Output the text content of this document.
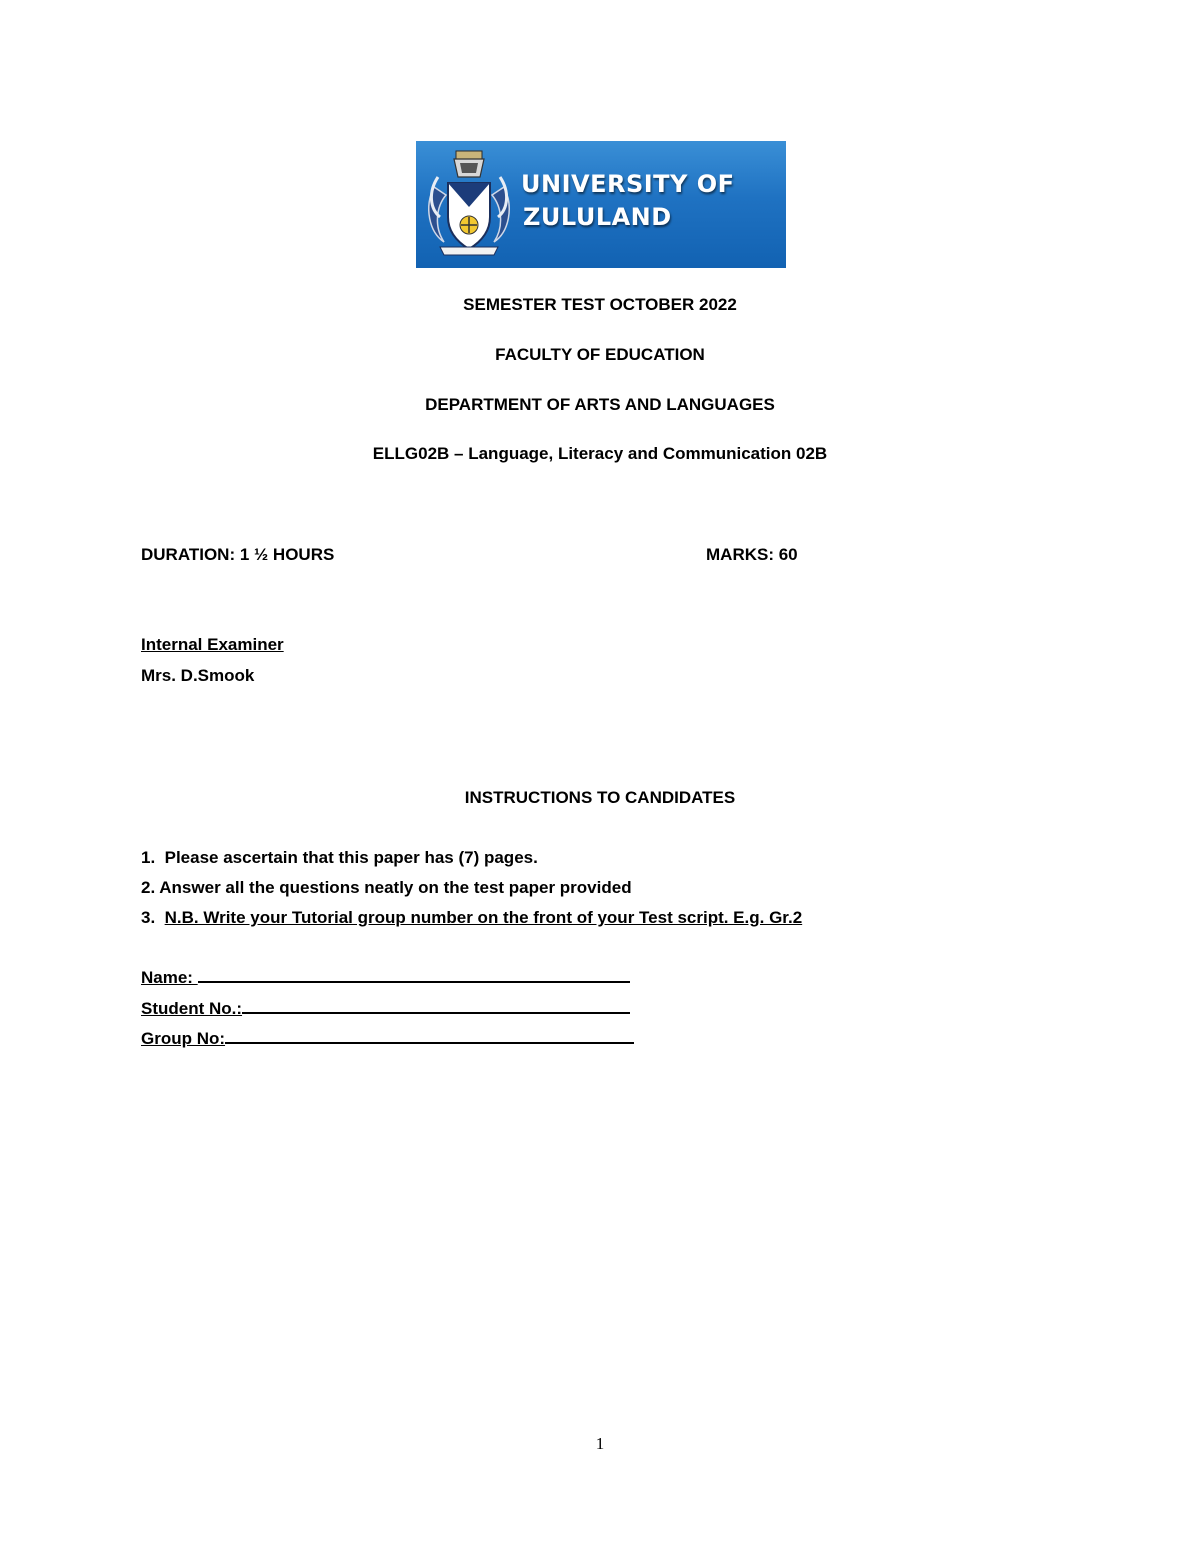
UNIVERSITY OF
ZULULAND
SEMESTER TEST OCTOBER 2022
FACULTY OF EDUCATION
DEPARTMENT OF ARTS AND LANGUAGES
ELLG02B – Language, Literacy and Communication 02B
DURATION: 1 ½ HOURS	MARKS: 60
Internal Examiner
Mrs. D.Smook
INSTRUCTIONS TO CANDIDATES
1.  Please ascertain that this paper has (7) pages.
2. Answer all the questions neatly on the test paper provided
3.  N.B. Write your Tutorial group number on the front of your Test script. E.g. Gr.2
Name:
Student No.:
Group No:
1
